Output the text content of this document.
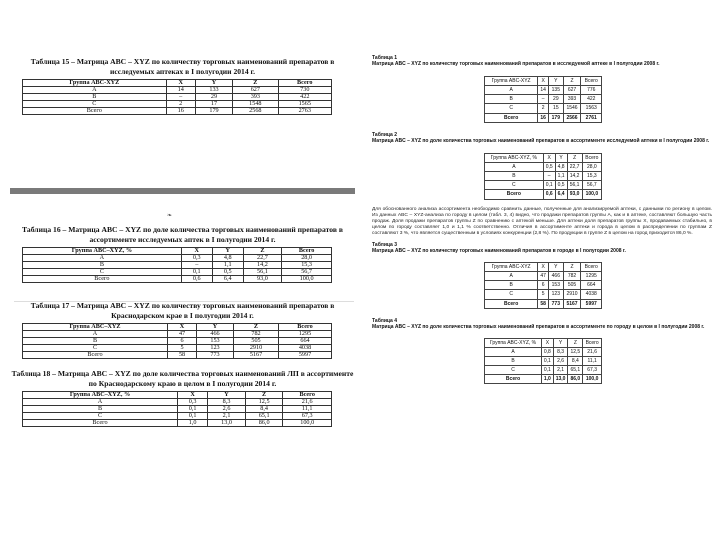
Таблица 15 – Матрица ABC – XYZ по количеству торговых наименований препаратов в исследуемых аптеках в I полугодии 2014 г.
Группа АВС-XYZ	X	Y	Z	Всего
A	14	133	627	730
B	–	29	393	422
C	2	17	1548	1565
Всего	16	179	2568	2763
Таблица 16 – Матрица ABC – XYZ по доле количества торговых наименований препаратов в ассортименте исследуемых аптек в I полугодии 2014 г.
Группа АВС–XYZ, %	X	Y	Z	Всего
A	0,3	4,8	22,7	28,0
B	–	1,1	14,2	15,3
C	0,1	0,5	56,1	56,7
Всего	0,6	6,4	93,0	100,0
Таблица 17 – Матрица ABC – XYZ по количеству торговых наименований препаратов в Краснодарском крае в I полугодии 2014 г.
Группа АВС–XYZ	X	Y	Z	Всего
A	47	466	782	1295
B	6	153	505	664
C	5	123	2910	4038
Всего	58	773	5167	5997
Таблица 18 – Матрица ABC – XYZ по доле количества торговых наименований ЛП в ассортименте по Краснодарскому краю в целом в I полугодии 2014 г.
Группа АВС–XYZ, %	X	Y	Z	Всего
A	0,3	8,3	12,5	21,6
B	0,1	2,6	8,4	11,1
C	0,1	2,1	65,1	67,3
Всего	1,0	13,0	86,0	100,0
❧
Таблица 1
Матрица ABC – XYZ по количеству торговых наименований препаратов в исследуемой аптеке в I полугодии 2008 г.
Группа ABC-XYZ	X	Y	Z	Всего
A	14	135	627	776
B	–	29	393	422
C	2	15	1546	1563
Всего	16	179	2566	2761
Таблица 2
Матрица ABC – XYZ по доле количества торговых наименований препаратов в ассортименте исследуемой аптеки в I полугодии 2008 г.
Группа ABC-XYZ, %	X	Y	Z	Всего
A	0,5	4,8	22,7	28,0
B	–	1,1	14,2	15,3
C	0,1	0,5	56,1	56,7
Всего	0,6	6,4	93,0	100,0
Для обоснованного анализа ассортимента необходимо сравнить данные, полученные для анализируемой аптеки, с данными по региону в целом. Из данных ABC – XYZ-анализа по городу в целом (табл. 3, 4) видно, что продажи препаратов группы А, как и в аптеке, составляют большую часть продаж. Доля продажи препаратов группы Z по сравнению с аптекой меньше. Для аптеки доля препаратов группы X, продаваемых стабильно, в целом по городу составляет 1,0 и 1,1 % соответственно. Отличия в ассортименте аптеки и города в целом в распределении по группам Z составляют 3 %, что является существенным в условиях конкуренции (2,8 %). По продукции в группе Z в целом на город приходится 86,0 %.
Таблица 3
Матрица ABC – XYZ по количеству торговых наименований препаратов в городе в I полугодии 2008 г.
Группа ABC-XYZ	X	Y	Z	Всего
A	47	466	782	1295
B	6	153	505	664
C	5	123	2910	4038
Всего	58	773	5167	5997
Таблица 4
Матрица ABC – XYZ по доле количества торговых наименований препаратов в ассортименте по городу в целом в I полугодии 2008 г.
Группа ABC-XYZ, %	X	Y	Z	Всего
A	0,8	8,3	12,5	21,6
B	0,1	2,6	8,4	11,1
C	0,1	2,1	65,1	67,3
Всего	1,0	13,0	86,0	100,0
